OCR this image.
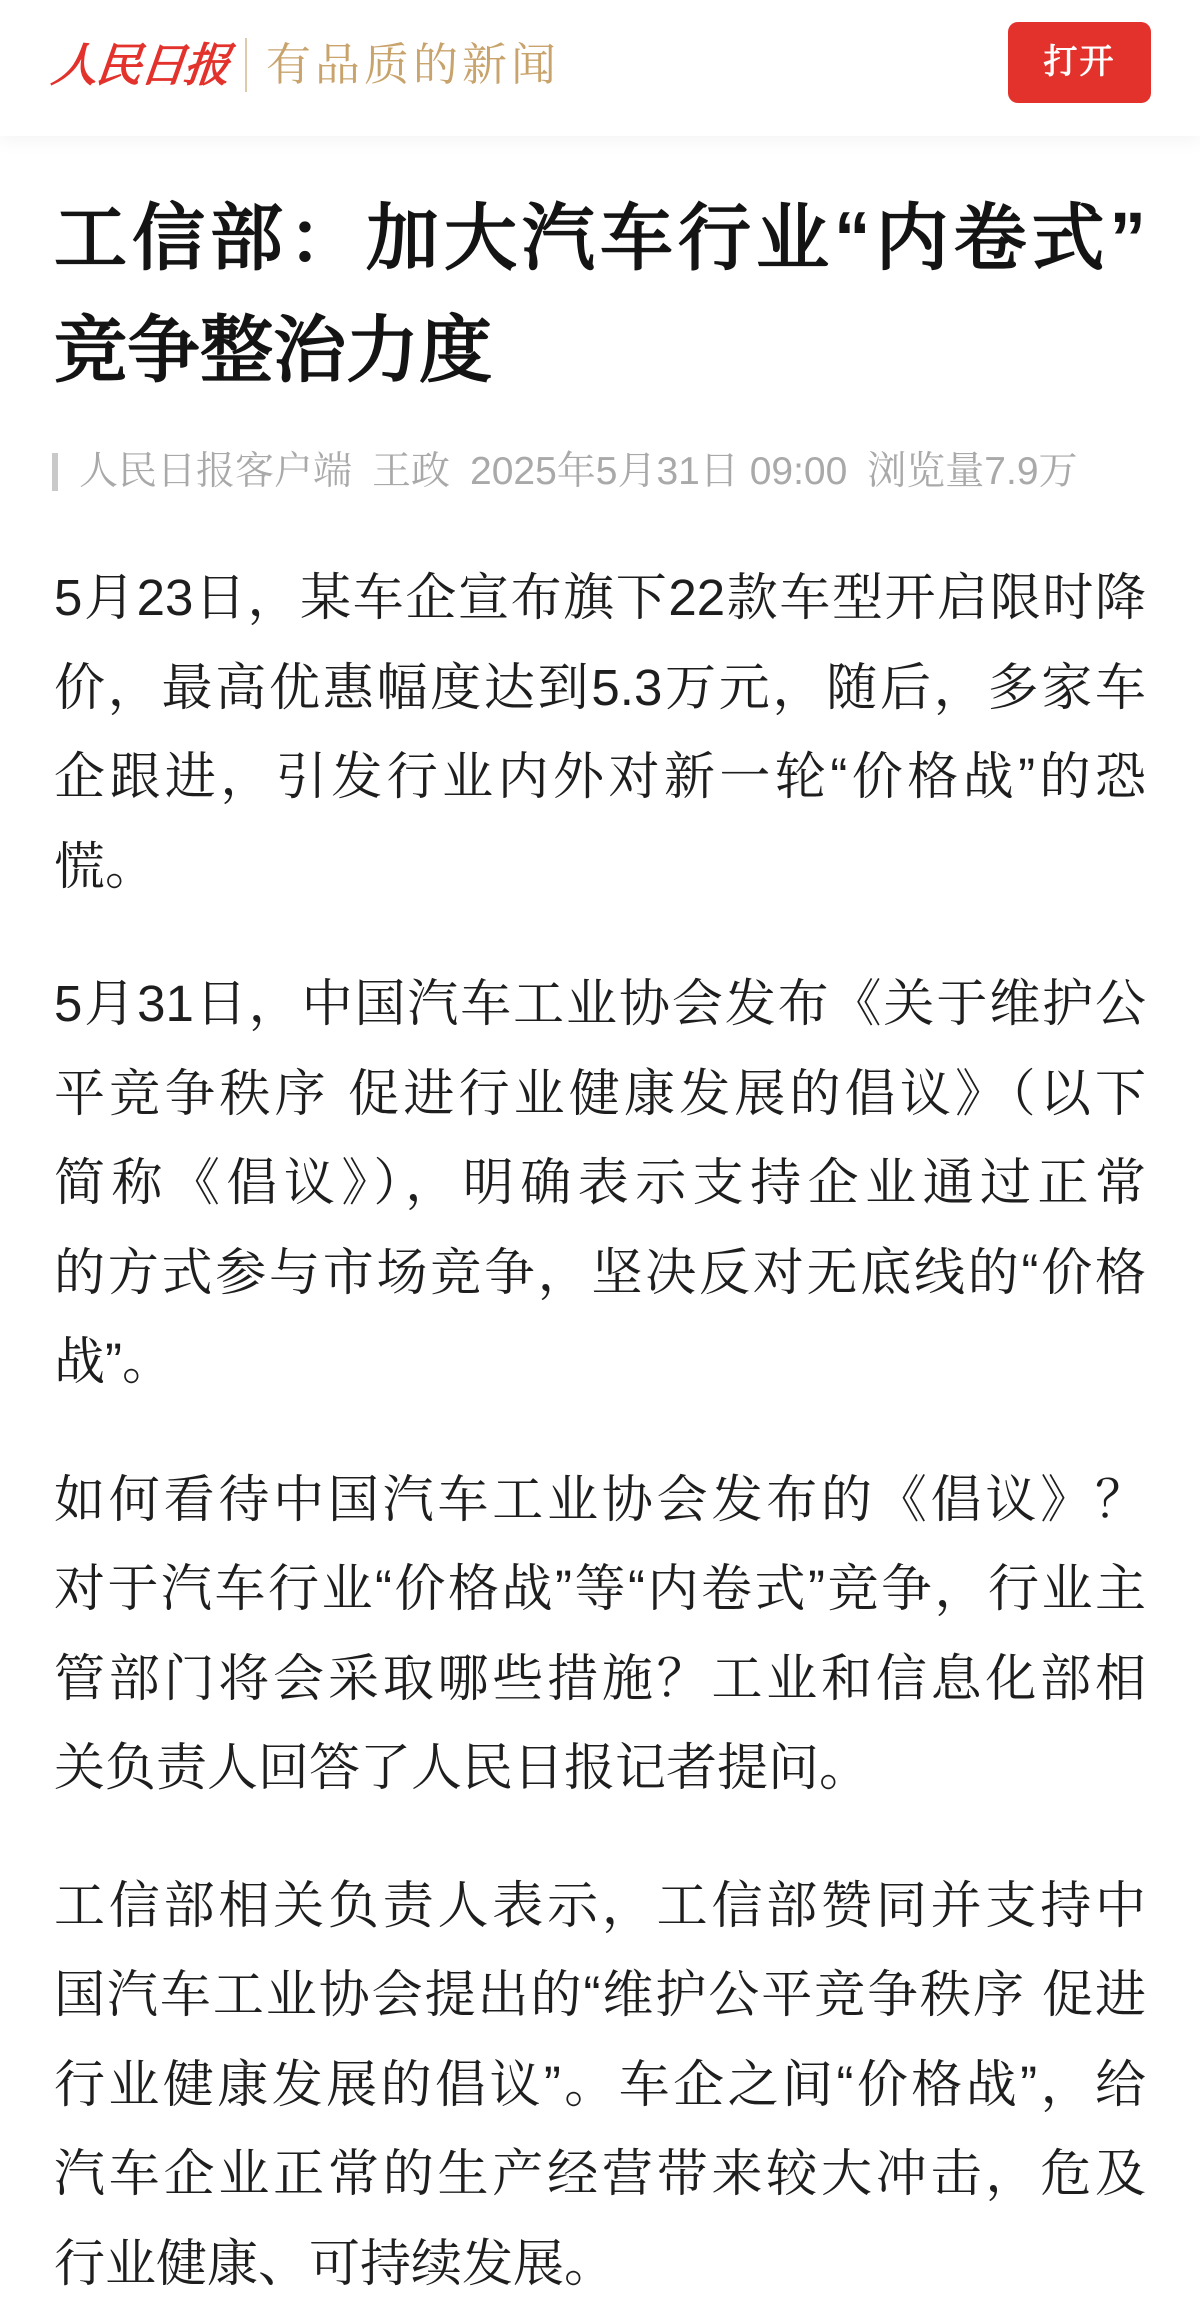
人民日报 有品质的新闻	打开
工信部：加大汽车行业“内卷式”
竞争整治力度
人民日报客户端 王政 2025年5月31日 09:00 浏览量7.9万
5月23日，某车企宣布旗下22款车型开启限时降
价，最高优惠幅度达到5.3万元，随后，多家车
企跟进，引发行业内外对新一轮“价格战”的恐
慌。
5月31日，中国汽车工业协会发布《关于维护公
平竞争秩序 促进行业健康发展的倡议》（以下
简称《倡议》），明确表示支持企业通过正常
的方式参与市场竞争，坚决反对无底线的“价格
战”。
如何看待中国汽车工业协会发布的《倡议》？
对于汽车行业“价格战”等“内卷式”竞争，行业主
管部门将会采取哪些措施？工业和信息化部相
关负责人回答了人民日报记者提问。
工信部相关负责人表示，工信部赞同并支持中
国汽车工业协会提出的“维护公平竞争秩序 促进
行业健康发展的倡议”。车企之间“价格战”，给
汽车企业正常的生产经营带来较大冲击，危及
行业健康、可持续发展。
